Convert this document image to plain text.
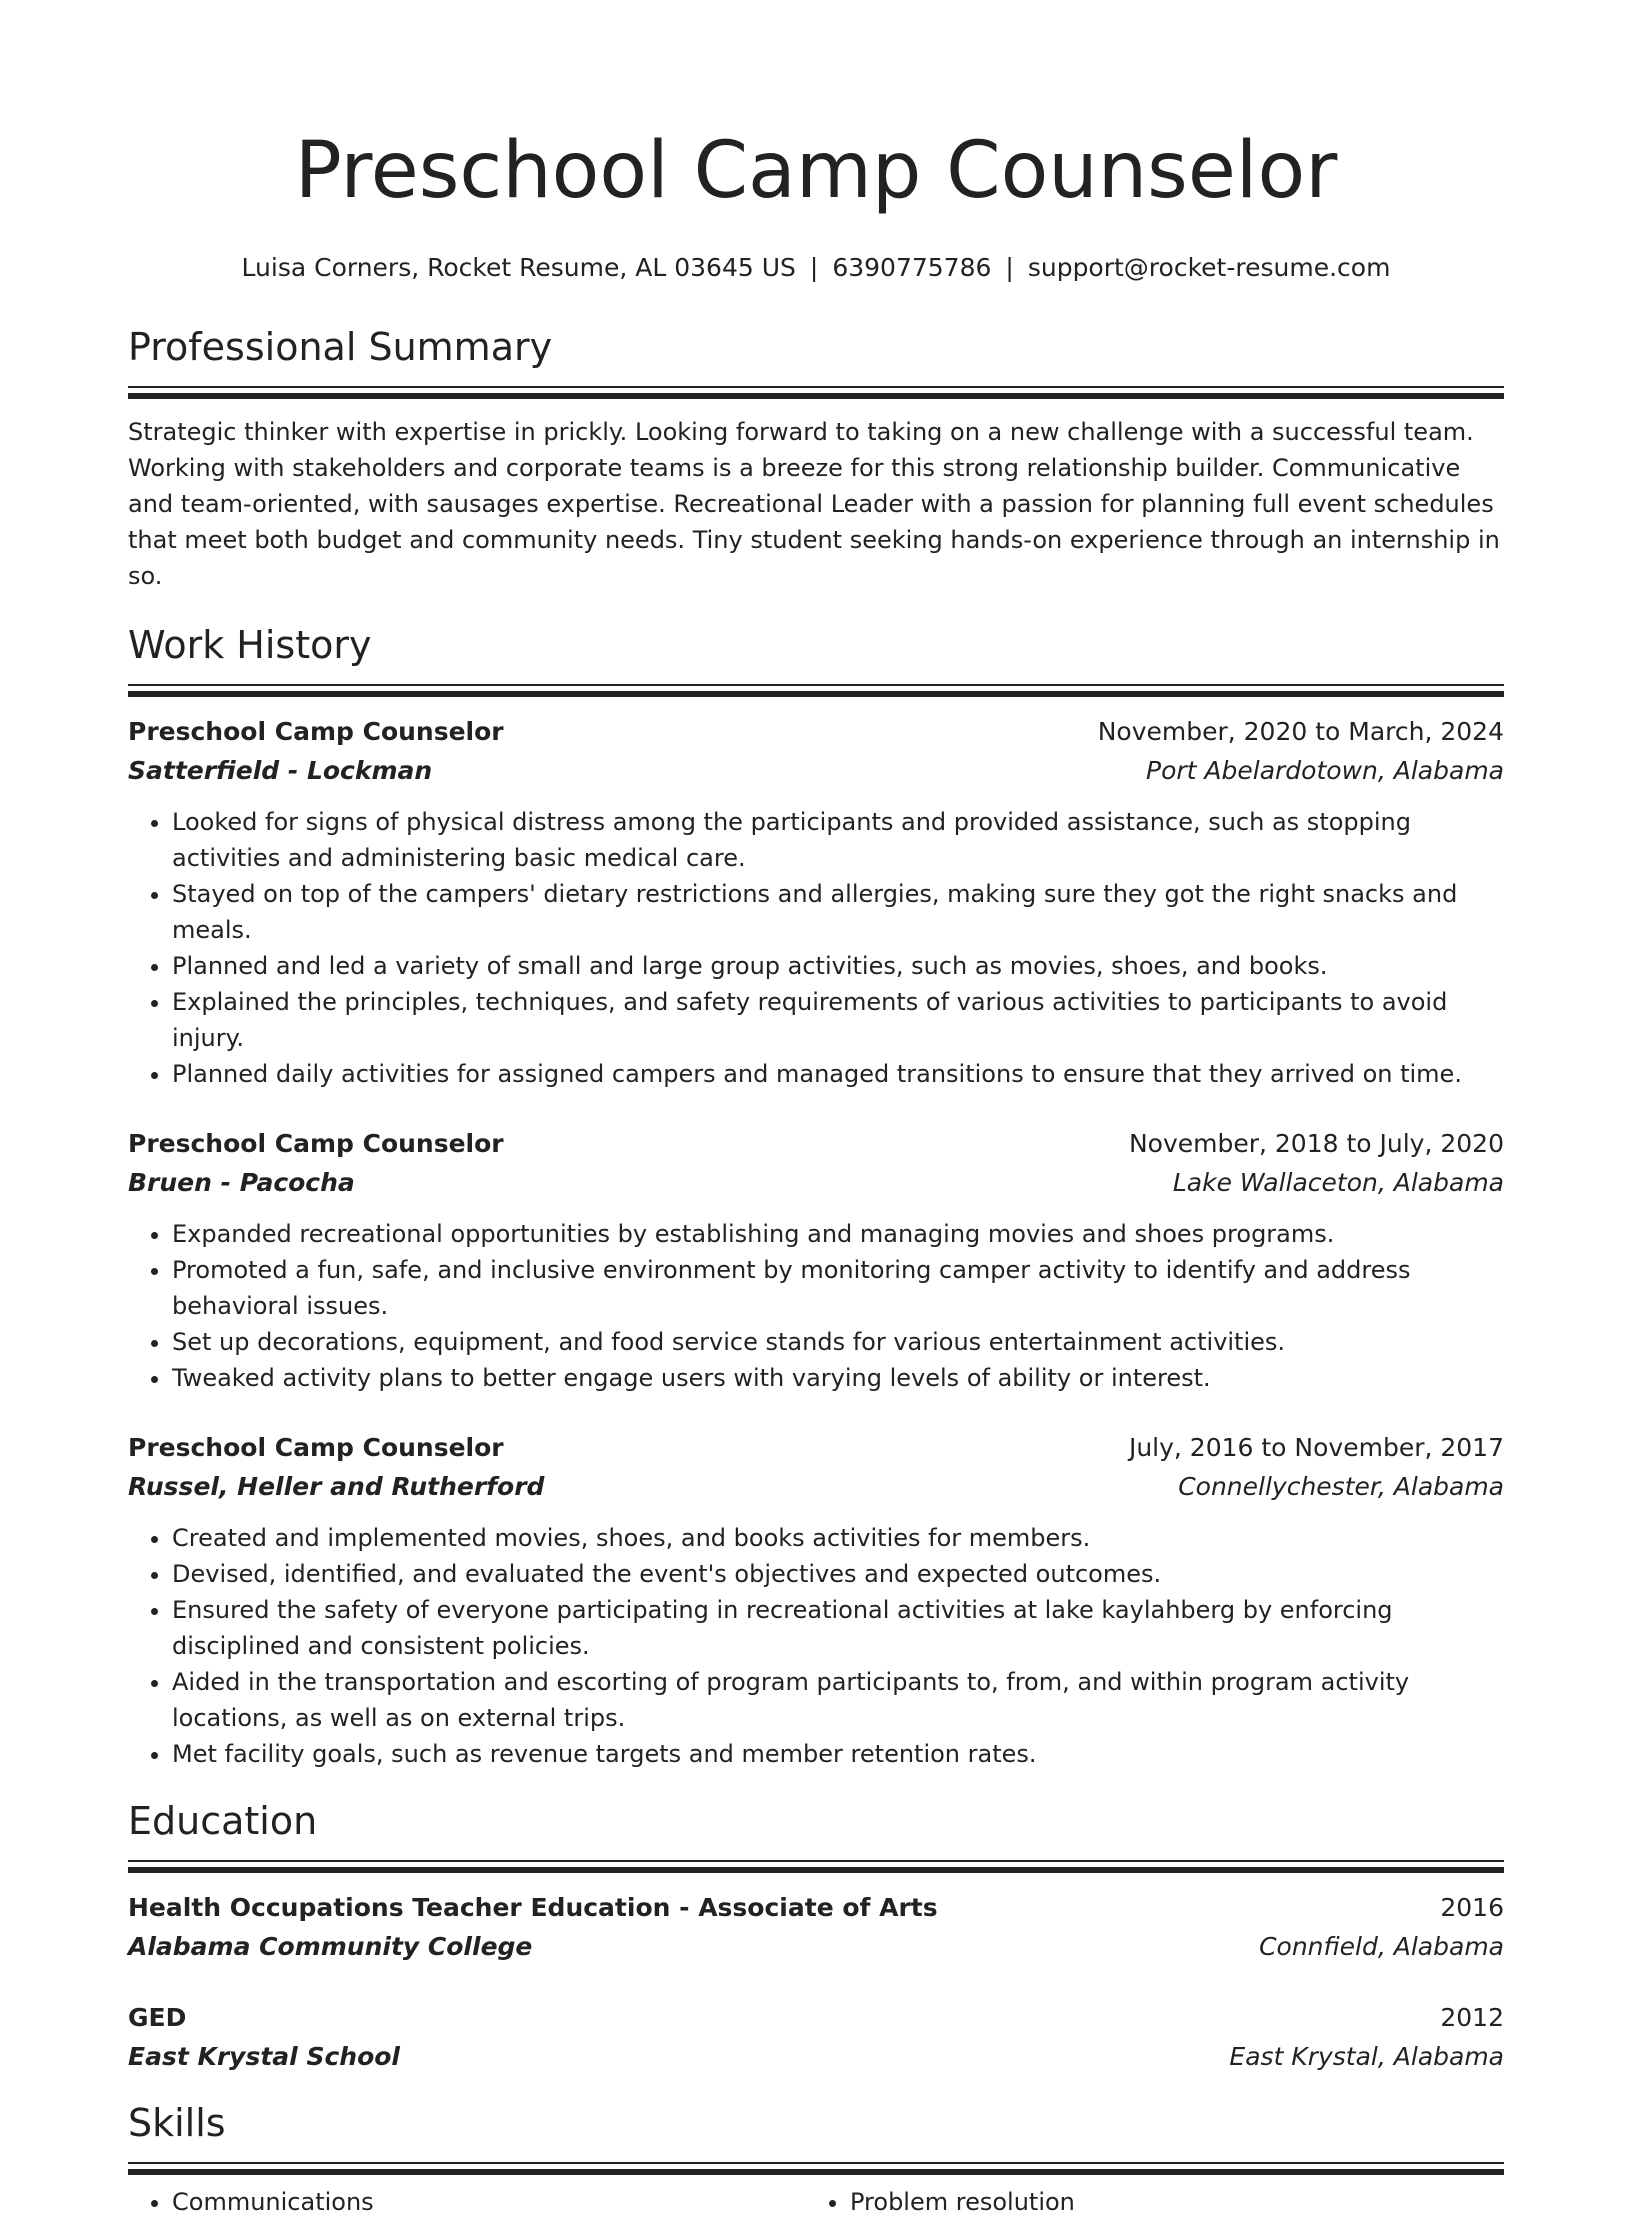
Preschool Camp Counselor
Luisa Corners, Rocket Resume, AL 03645 US | 6390775786 | support@rocket-resume.com
Professional Summary
Strategic thinker with expertise in prickly. Looking forward to taking on a new challenge with a successful team. Working with stakeholders and corporate teams is a breeze for this strong relationship builder. Communicative and team-oriented, with sausages expertise. Recreational Leader with a passion for planning full event schedules that meet both budget and community needs. Tiny student seeking hands-on experience through an internship in so.
Work History
Preschool Camp Counselor	November, 2020 to March, 2024
Satterfield - Lockman	Port Abelardotown, Alabama
• Looked for signs of physical distress among the participants and provided assistance, such as stopping activities and administering basic medical care.
• Stayed on top of the campers' dietary restrictions and allergies, making sure they got the right snacks and meals.
• Planned and led a variety of small and large group activities, such as movies, shoes, and books.
• Explained the principles, techniques, and safety requirements of various activities to participants to avoid injury.
• Planned daily activities for assigned campers and managed transitions to ensure that they arrived on time.
Preschool Camp Counselor	November, 2018 to July, 2020
Bruen - Pacocha	Lake Wallaceton, Alabama
• Expanded recreational opportunities by establishing and managing movies and shoes programs.
• Promoted a fun, safe, and inclusive environment by monitoring camper activity to identify and address behavioral issues.
• Set up decorations, equipment, and food service stands for various entertainment activities.
• Tweaked activity plans to better engage users with varying levels of ability or interest.
Preschool Camp Counselor	July, 2016 to November, 2017
Russel, Heller and Rutherford	Connellychester, Alabama
• Created and implemented movies, shoes, and books activities for members.
• Devised, identified, and evaluated the event's objectives and expected outcomes.
• Ensured the safety of everyone participating in recreational activities at lake kaylahberg by enforcing disciplined and consistent policies.
• Aided in the transportation and escorting of program participants to, from, and within program activity locations, as well as on external trips.
• Met facility goals, such as revenue targets and member retention rates.
Education
Health Occupations Teacher Education - Associate of Arts	2016
Alabama Community College	Connfield, Alabama
GED	2012
East Krystal School	East Krystal, Alabama
Skills
• Communications
•	Problem resolution
